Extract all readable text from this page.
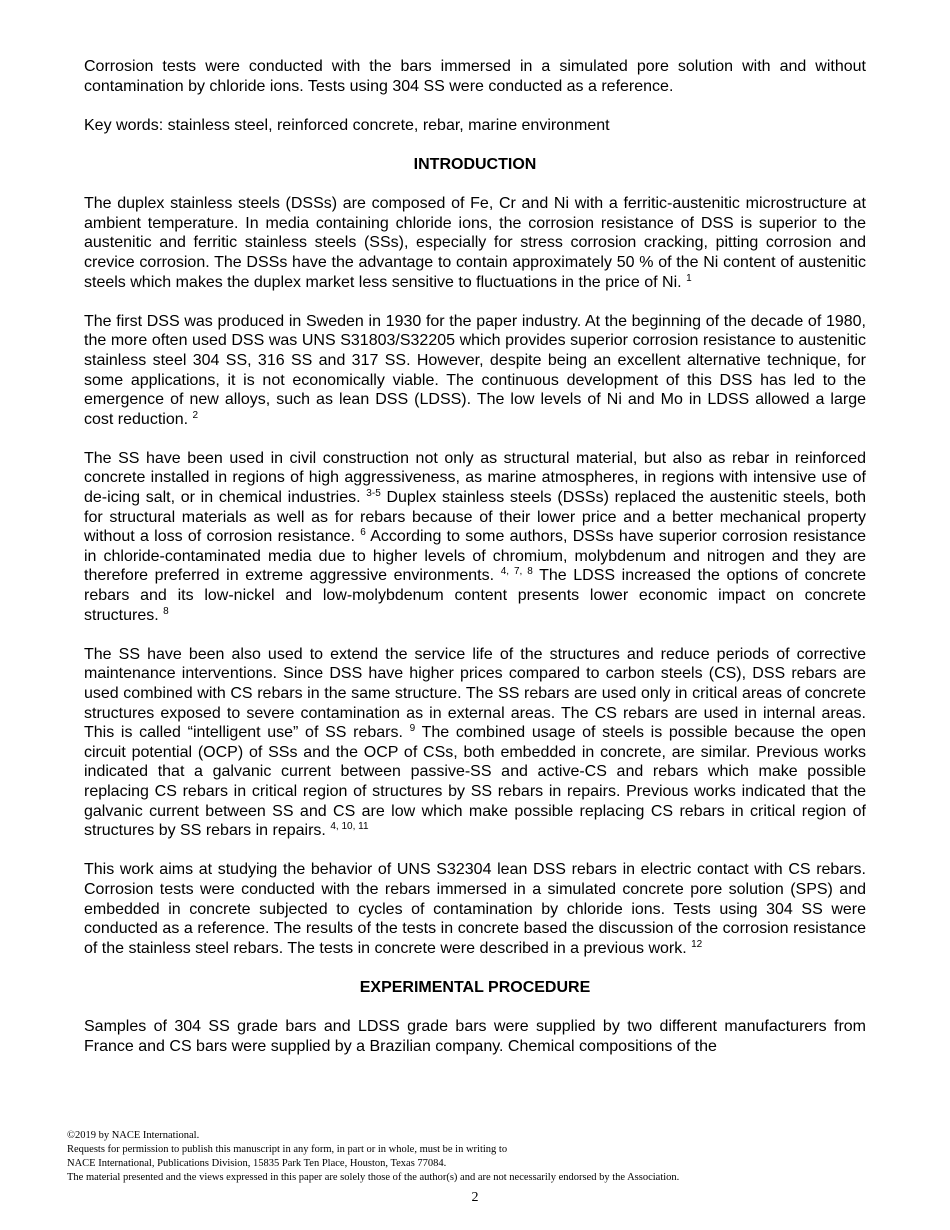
Corrosion tests were conducted with the bars immersed in a simulated pore solution with and without contamination by chloride ions. Tests using 304 SS were conducted as a reference.

Key words: stainless steel, reinforced concrete, rebar, marine environment

INTRODUCTION

The duplex stainless steels (DSSs) are composed of Fe, Cr and Ni with a ferritic-austenitic microstructure at ambient temperature. In media containing chloride ions, the corrosion resistance of DSS is superior to the austenitic and ferritic stainless steels (SSs), especially for stress corrosion cracking, pitting corrosion and crevice corrosion. The DSSs have the advantage to contain approximately 50 % of the Ni content of austenitic steels which makes the duplex market less sensitive to fluctuations in the price of Ni. $^1$

The first DSS was produced in Sweden in 1930 for the paper industry. At the beginning of the decade of 1980, the more often used DSS was UNS S31803/S32205 which provides superior corrosion resistance to austenitic stainless steel 304 SS, 316 SS and 317 SS. However, despite being an excellent alternative technique, for some applications, it is not economically viable. The continuous development of this DSS has led to the emergence of new alloys, such as lean DSS (LDSS). The low levels of Ni and Mo in LDSS allowed a large cost reduction. $^2$

The SS have been used in civil construction not only as structural material, but also as rebar in reinforced concrete installed in regions of high aggressiveness, as marine atmospheres, in regions with intensive use of de-icing salt, or in chemical industries. $^{3-5}$ Duplex stainless steels (DSSs) replaced the austenitic steels, both for structural materials as well as for rebars because of their lower price and a better mechanical property without a loss of corrosion resistance. $^6$ According to some authors, DSSs have superior corrosion resistance in chloride-contaminated media due to higher levels of chromium, molybdenum and nitrogen and they are therefore preferred in extreme aggressive environments. $^{4, 7, 8}$ The LDSS increased the options of concrete rebars and its low-nickel and low-molybdenum content presents lower economic impact on concrete structures. $^8$

The SS have been also used to extend the service life of the structures and reduce periods of corrective maintenance interventions. Since DSS have higher prices compared to carbon steels (CS), DSS rebars are used combined with CS rebars in the same structure. The SS rebars are used only in critical areas of concrete structures exposed to severe contamination as in external areas. The CS rebars are used in internal areas. This is called “intelligent use” of SS rebars. $^9$ The combined usage of steels is possible because the open circuit potential (OCP) of SSs and the OCP of CSs, both embedded in concrete, are similar. Previous works indicated that a galvanic current between passive-SS and active-CS and rebars which make possible replacing CS rebars in critical region of structures by SS rebars in repairs. Previous works indicated that the galvanic current between SS and CS are low which make possible replacing CS rebars in critical region of structures by SS rebars in repairs. $^{4, 10, 11}$

This work aims at studying the behavior of UNS S32304 lean DSS rebars in electric contact with CS rebars. Corrosion tests were conducted with the rebars immersed in a simulated concrete pore solution (SPS) and embedded in concrete subjected to cycles of contamination by chloride ions. Tests using 304 SS were conducted as a reference. The results of the tests in concrete based the discussion of the corrosion resistance of the stainless steel rebars. The tests in concrete were described in a previous work. $^{12}$

EXPERIMENTAL PROCEDURE

Samples of 304 SS grade bars and LDSS grade bars were supplied by two different manufacturers from France and CS bars were supplied by a Brazilian company. Chemical compositions of the

©2019 by NACE International.
Requests for permission to publish this manuscript in any form, in part or in whole, must be in writing to
NACE International, Publications Division, 15835 Park Ten Place, Houston, Texas 77084.
The material presented and the views expressed in this paper are solely those of the author(s) and are not necessarily endorsed by the Association.
2
